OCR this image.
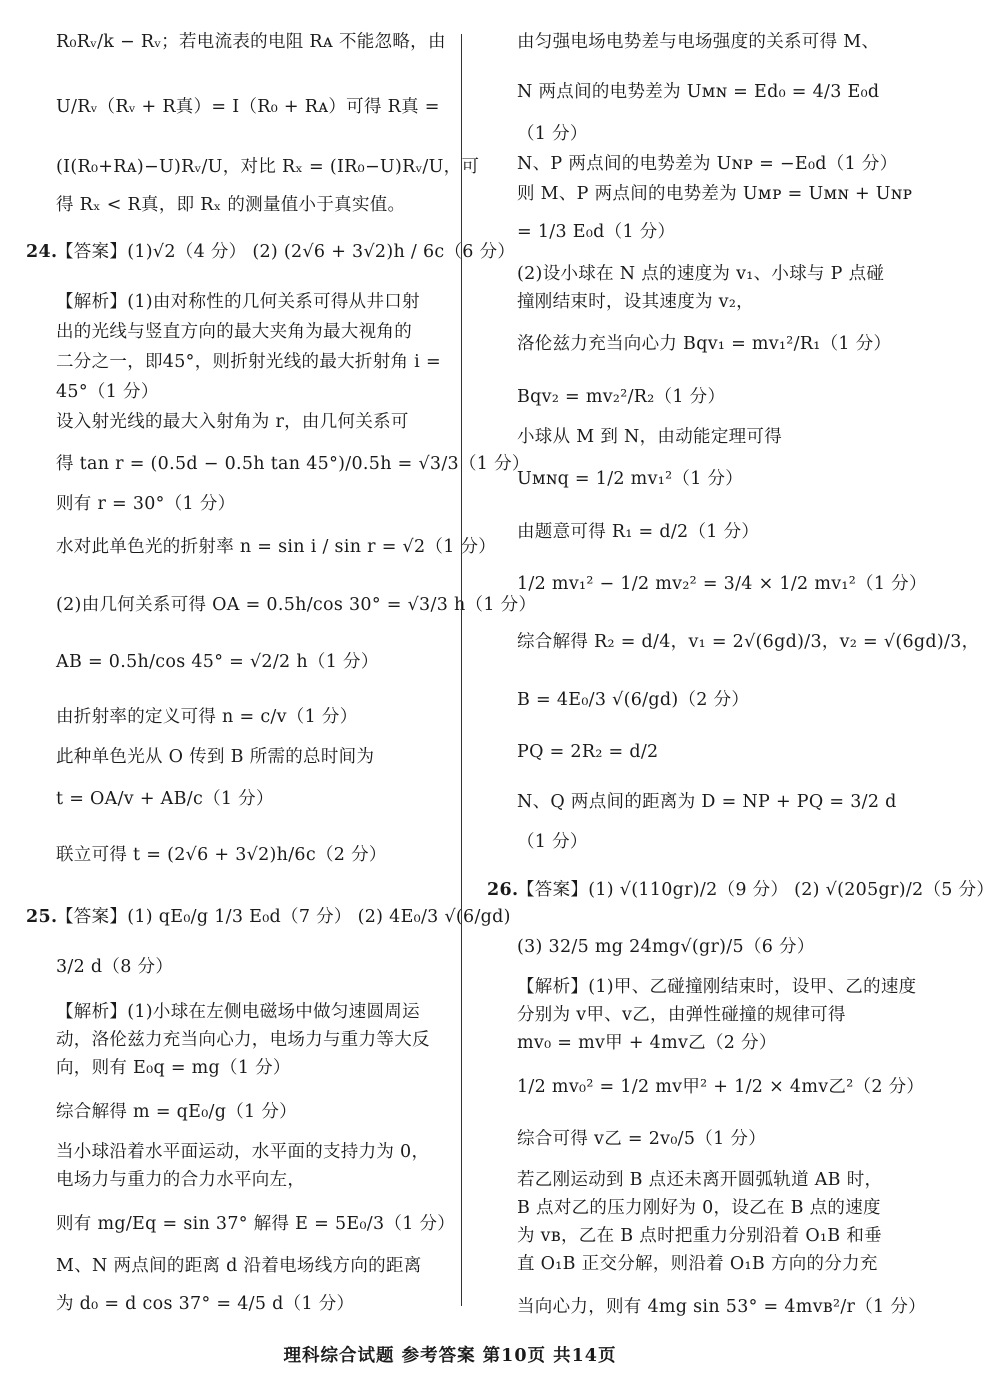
R₀Rᵥ/k − Rᵥ；若电流表的电阻 Rᴀ 不能忽略，由
U/Rᵥ（Rᵥ + R真）= I（R₀ + Rᴀ）可得 R真 =
(I(R₀+Rᴀ)−U)Rᵥ/U，对比 Rₓ = (IR₀−U)Rᵥ/U，可
得 Rₓ < R真，即 Rₓ 的测量值小于真实值。
24.
【答案】(1)√2（4 分） (2) (2√6 + 3√2)h / 6c（6 分）
【解析】(1)由对称性的几何关系可得从井口射
出的光线与竖直方向的最大夹角为最大视角的
二分之一，即45°，则折射光线的最大折射角 i =
45°（1 分）
设入射光线的最大入射角为 r，由几何关系可
得 tan r = (0.5d − 0.5h tan 45°)/0.5h = √3/3（1 分）
则有 r = 30°（1 分）
水对此单色光的折射率 n = sin i / sin r = √2（1 分）
(2)由几何关系可得 OA = 0.5h/cos 30° = √3/3 h（1 分）
AB = 0.5h/cos 45° = √2/2 h（1 分）
由折射率的定义可得 n = c/v（1 分）
此种单色光从 O 传到 B 所需的总时间为
t = OA/v + AB/c（1 分）
联立可得 t = (2√6 + 3√2)h/6c（2 分）
25.
【答案】(1) qE₀/g 1/3 E₀d（7 分） (2) 4E₀/3 √(6/gd)
3/2 d（8 分）
【解析】(1)小球在左侧电磁场中做匀速圆周运
动，洛伦兹力充当向心力，电场力与重力等大反
向，则有 E₀q = mg（1 分）
综合解得 m = qE₀/g（1 分）
当小球沿着水平面运动，水平面的支持力为 0，
电场力与重力的合力水平向左，
则有 mg/Eq = sin 37° 解得 E = 5E₀/3（1 分）
M、N 两点间的距离 d 沿着电场线方向的距离
为 d₀ = d cos 37° = 4/5 d（1 分）
由匀强电场电势差与电场强度的关系可得 M、
N 两点间的电势差为 Uᴍɴ = Ed₀ = 4/3 E₀d
（1 分）
N、P 两点间的电势差为 Uɴᴘ = −E₀d（1 分）
则 M、P 两点间的电势差为 Uᴍᴘ = Uᴍɴ + Uɴᴘ
= 1/3 E₀d（1 分）
(2)设小球在 N 点的速度为 v₁、小球与 P 点碰
撞刚结束时，设其速度为 v₂，
洛伦兹力充当向心力 Bqv₁ = mv₁²/R₁（1 分）
Bqv₂ = mv₂²/R₂（1 分）
小球从 M 到 N，由动能定理可得
Uᴍɴq = 1/2 mv₁²（1 分）
由题意可得 R₁ = d/2（1 分）
1/2 mv₁² − 1/2 mv₂² = 3/4 × 1/2 mv₁²（1 分）
综合解得 R₂ = d/4，v₁ = 2√(6gd)/3，v₂ = √(6gd)/3，
B = 4E₀/3 √(6/gd)（2 分）
PQ = 2R₂ = d/2
N、Q 两点间的距离为 D = NP + PQ = 3/2 d
（1 分）
26.
【答案】(1) √(110gr)/2（9 分） (2) √(205gr)/2（5 分）
(3) 32/5 mg 24mg√(gr)/5（6 分）
【解析】(1)甲、乙碰撞刚结束时，设甲、乙的速度
分别为 v甲、v乙，由弹性碰撞的规律可得
mv₀ = mv甲 + 4mv乙（2 分）
1/2 mv₀² = 1/2 mv甲² + 1/2 × 4mv乙²（2 分）
综合可得 v乙 = 2v₀/5（1 分）
若乙刚运动到 B 点还未离开圆弧轨道 AB 时，
B 点对乙的压力刚好为 0，设乙在 B 点的速度
为 vʙ，乙在 B 点时把重力分别沿着 O₁B 和垂
直 O₁B 正交分解，则沿着 O₁B 方向的分力充
当向心力，则有 4mg sin 53° = 4mvʙ²/r（1 分）
理科综合试题 参考答案 第10页 共14页
